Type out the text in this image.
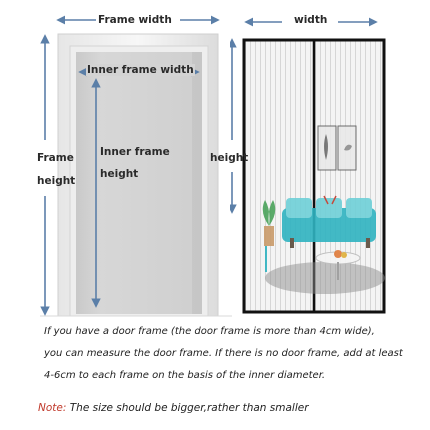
Frame width
Inner frame width
Inner frame
height
Frame
height
width
height
If you have a door frame (the door frame is more than 4cm wide),
you can measure the door frame. If there is no door frame, add at least
4-6cm to each frame on the basis of the inner diameter.
Note: The size should be bigger,rather than smaller
